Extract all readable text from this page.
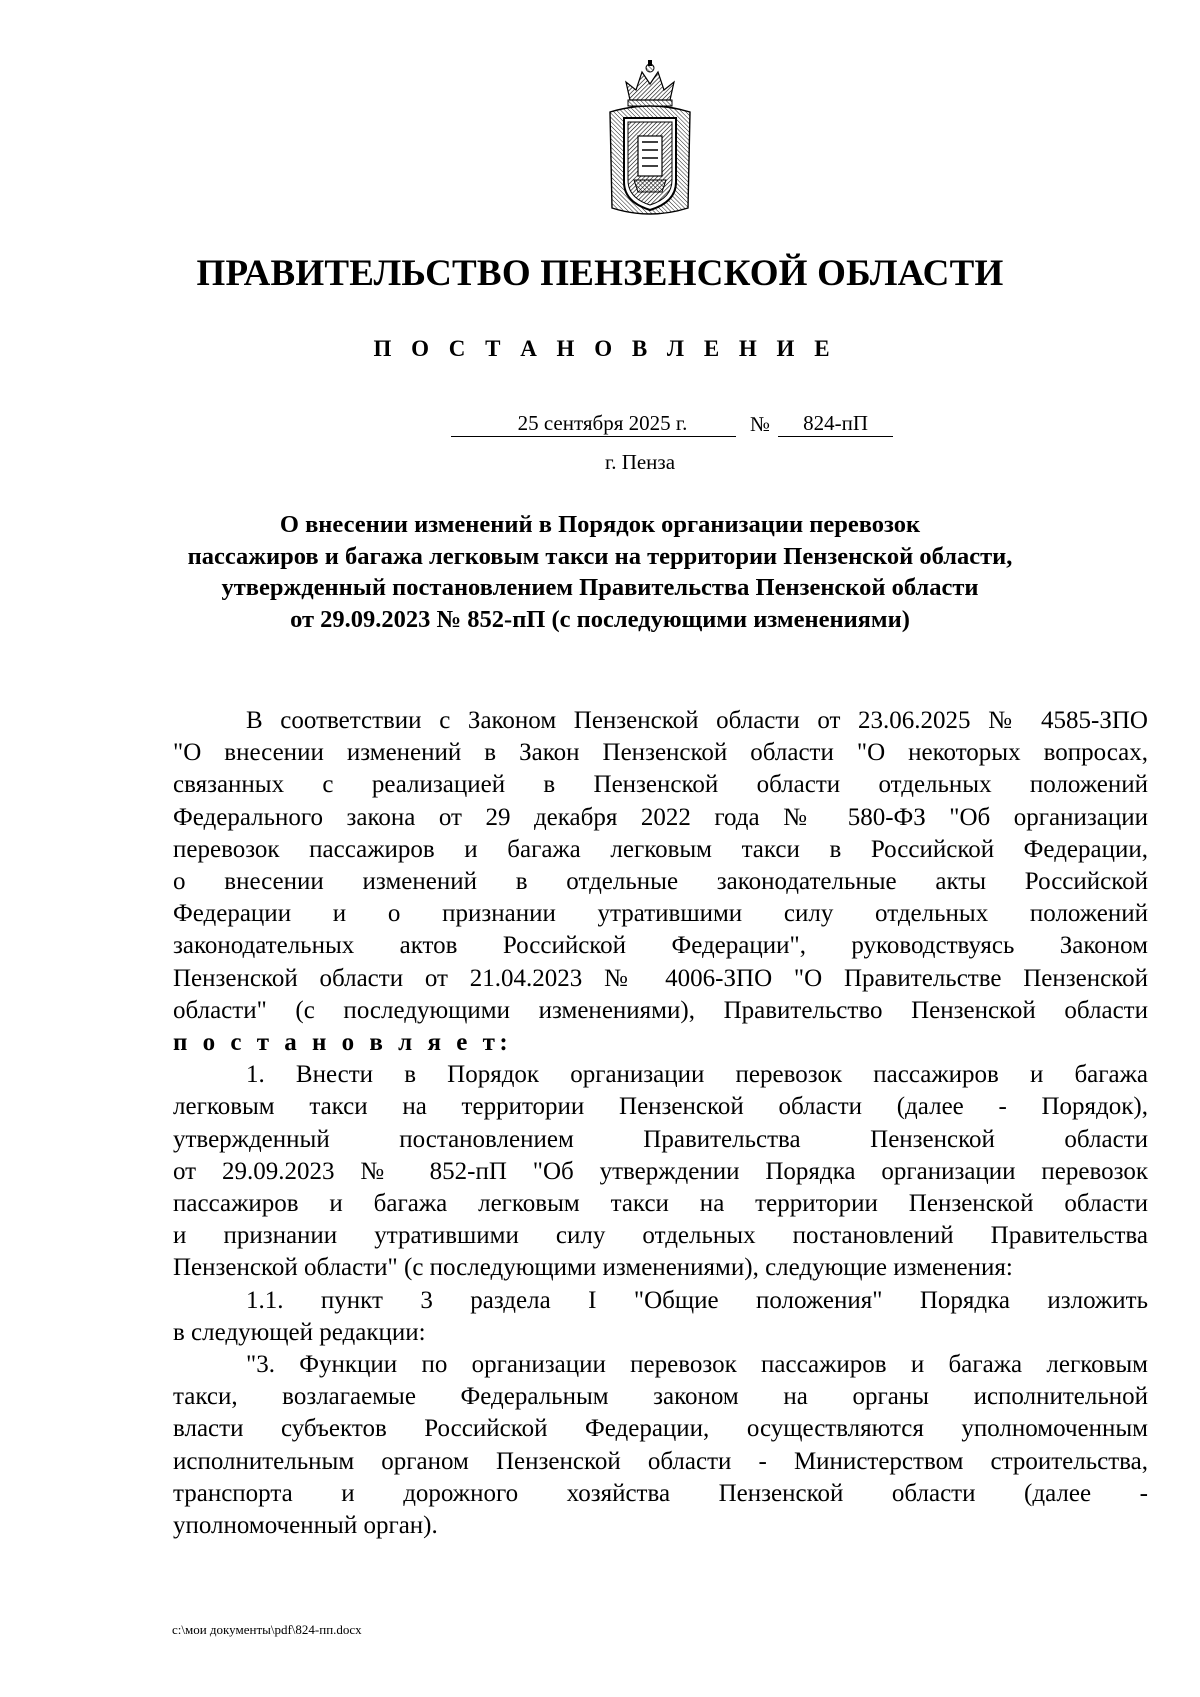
ПРАВИТЕЛЬСТВО ПЕНЗЕНСКОЙ ОБЛАСТИ
П О С Т А Н О В Л Е Н И Е
25 сентября 2025 г.	№	824-пП
г. Пенза
О внесении изменений в Порядок организации перевозок
пассажиров и багажа легковым такси на территории Пензенской области,
утвержденный постановлением Правительства Пензенской области
от 29.09.2023 № 852-пП (с последующими изменениями)
В соответствии с Законом Пензенской области от 23.06.2025 № 4585-ЗПО
"О внесении изменений в Закон Пензенской области "О некоторых вопросах,
связанных с реализацией в Пензенской области отдельных положений
Федерального закона от 29 декабря 2022 года № 580-ФЗ "Об организации
перевозок пассажиров и багажа легковым такси в Российской Федерации,
о внесении изменений в отдельные законодательные акты Российской
Федерации и о признании утратившими силу отдельных положений
законодательных актов Российской Федерации", руководствуясь Законом
Пензенской области от 21.04.2023 № 4006-ЗПО "О Правительстве Пензенской
области" (с последующими изменениями), Правительство Пензенской области
п о с т а н о в л я е т:
1. Внести в Порядок организации перевозок пассажиров и багажа
легковым такси на территории Пензенской области (далее - Порядок),
утвержденный постановлением Правительства Пензенской области
от 29.09.2023 № 852-пП "Об утверждении Порядка организации перевозок
пассажиров и багажа легковым такси на территории Пензенской области
и признании утратившими силу отдельных постановлений Правительства
Пензенской области" (с последующими изменениями), следующие изменения:
1.1. пункт 3 раздела I "Общие положения" Порядка изложить
в следующей редакции:
"3. Функции по организации перевозок пассажиров и багажа легковым
такси, возлагаемые Федеральным законом на органы исполнительной
власти субъектов Российской Федерации, осуществляются уполномоченным
исполнительным органом Пензенской области - Министерством строительства,
транспорта и дорожного хозяйства Пензенской области (далее -
уполномоченный орган).
c:\мои документы\pdf\824-пп.docx
